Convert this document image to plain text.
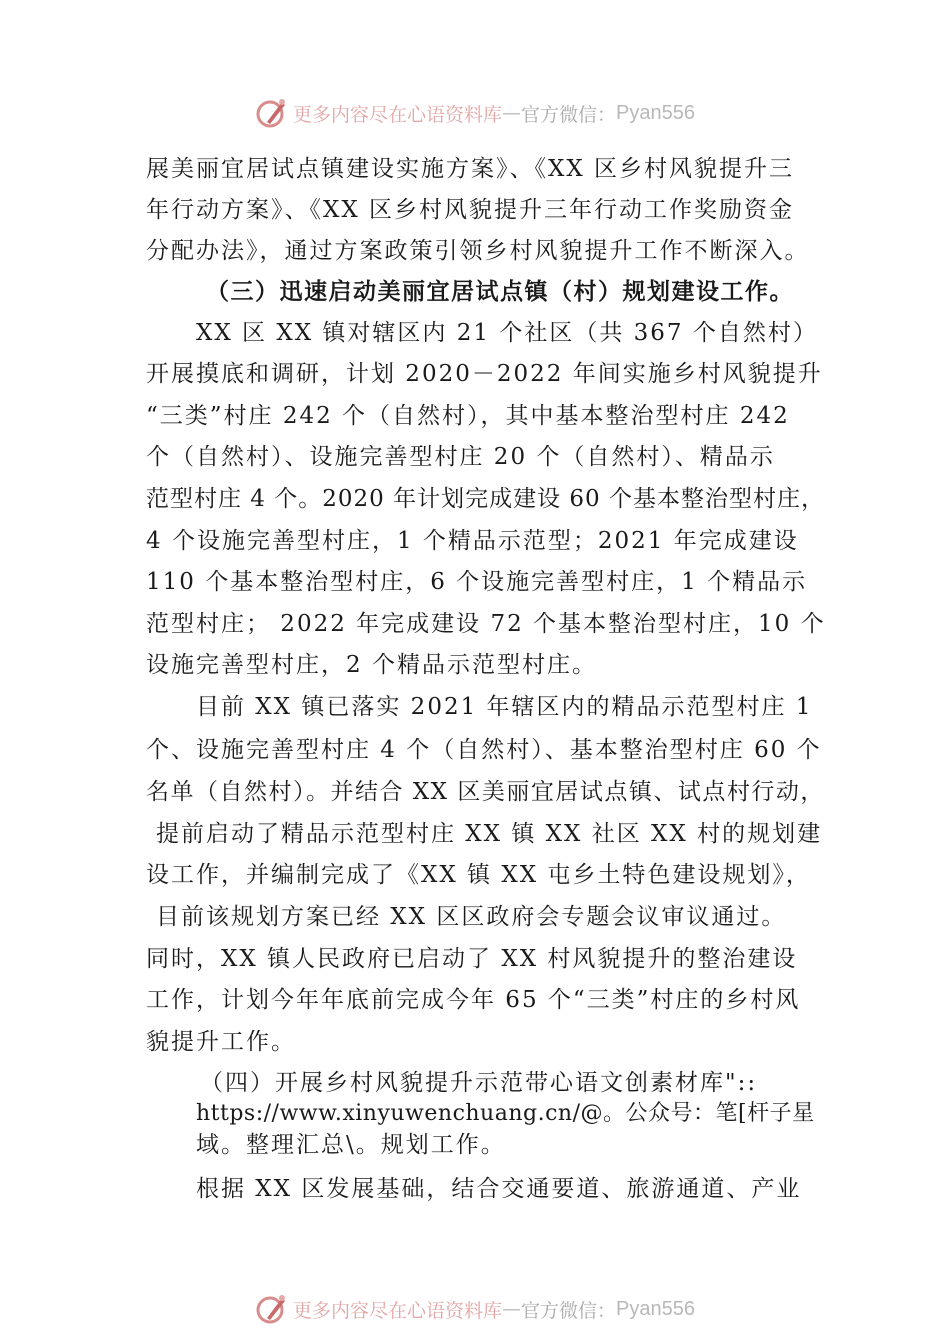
更多内容尽在心语资料库 — 官方微信： Pyan556
展美丽宜居试点镇建设实施方案》、《XX 区乡村风貌提升三
年行动方案》、《XX 区乡村风貌提升三年行动工作奖励资金
分配办法》，通过方案政策引领乡村风貌提升工作不断深入。
（三）迅速启动美丽宜居试点镇（村）规划建设工作。
XX 区 XX 镇对辖区内 21 个社区（共 367 个自然村）
开展摸底和调研，计划 2020－2022 年间实施乡村风貌提升
“三类”村庄 242 个（自然村），其中基本整治型村庄 242
个（自然村）、设施完善型村庄 20 个（自然村）、精品示
范型村庄 4 个。2020 年计划完成建设 60 个基本整治型村庄，
4 个设施完善型村庄，1 个精品示范型；2021 年完成建设
110 个基本整治型村庄，6 个设施完善型村庄，1 个精品示
范型村庄； 2022 年完成建设 72 个基本整治型村庄，10 个
设施完善型村庄，2 个精品示范型村庄。
目前 XX 镇已落实 2021 年辖区内的精品示范型村庄 1
个、设施完善型村庄 4 个（自然村）、基本整治型村庄 60 个
名单（自然村）。并结合 XX 区美丽宜居试点镇、试点村行动，
提前启动了精品示范型村庄 XX 镇 XX 社区 XX 村的规划建
设工作，并编制完成了《XX 镇 XX 屯乡土特色建设规划》，
目前该规划方案已经 XX 区区政府会专题会议审议通过。
同时，XX 镇人民政府已启动了 XX 村风貌提升的整治建设
工作，计划今年年底前完成今年 65 个“三类”村庄的乡村风
貌提升工作。
（四）开展乡村风貌提升示范带心语文创素材库"::
https://www.xinyuwenchuang.cn/@。公众号：笔[杆子星
域。整理汇总\。规划工作。
根据 XX 区发展基础，结合交通要道、旅游通道、产业
更多内容尽在心语资料库 — 官方微信： Pyan556
